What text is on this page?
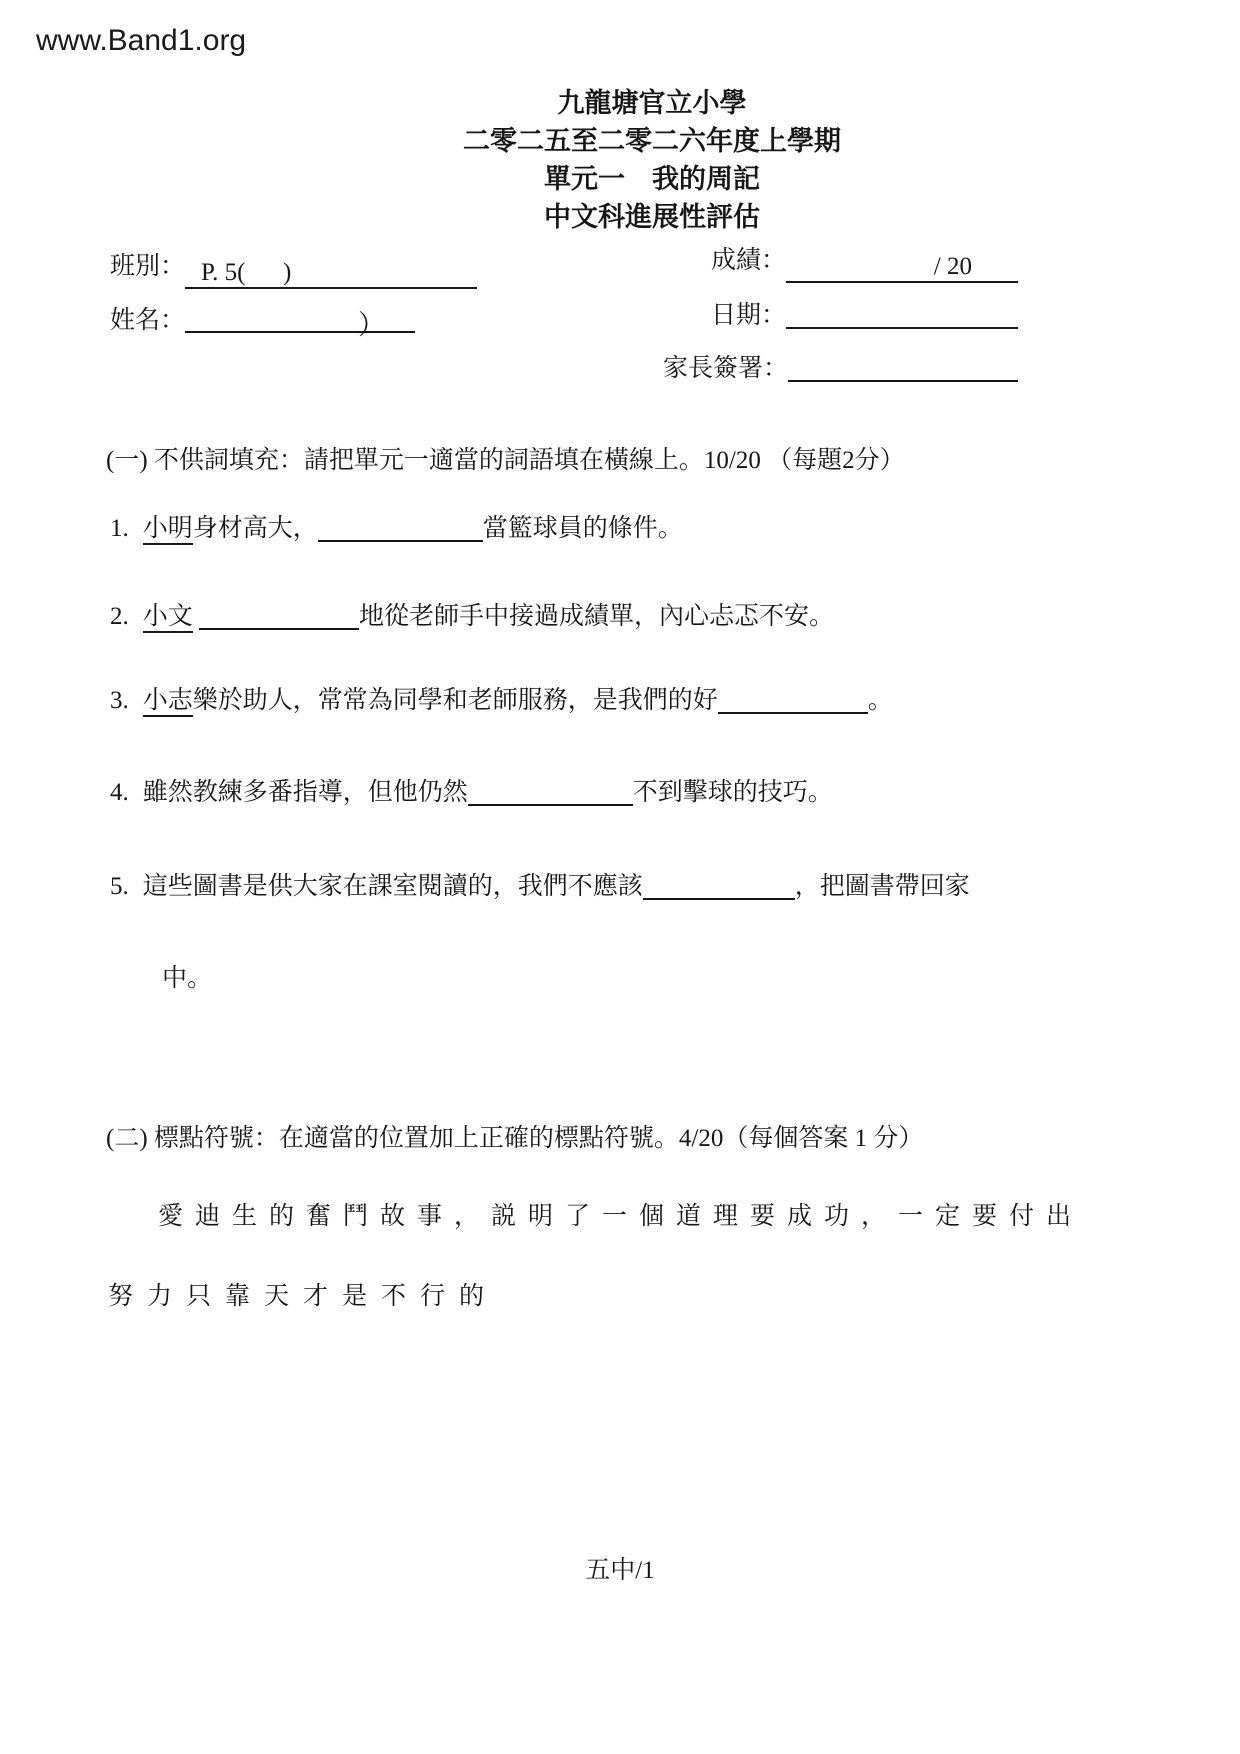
www.Band1.org
九龍塘官立小學
二零二五至二零二六年度上學期
單元一　我的周記
中文科進展性評估
班別： P. 5(      )
姓名：	）
成績：	/ 20
日期：
家長簽署：
(一) 不供詞填充：請把單元一適當的詞語填在橫線上。10/20 （每題2分）
1. 小明身材高大，	當籃球員的條件。
2. 小文	地從老師手中接過成績單，內心忐忑不安。
3. 小志樂於助人，常常為同學和老師服務，是我們的好	。
4. 雖然教練多番指導，但他仍然	不到擊球的技巧。
5. 這些圖書是供大家在課室閱讀的，我們不應該	，把圖書帶回家
中。
(二) 標點符號：在適當的位置加上正確的標點符號。4/20（每個答案 1 分）
愛迪生的奮鬥故事，説明了一個道理要成功，一定要付出
努力只靠天才是不行的
五中/1
